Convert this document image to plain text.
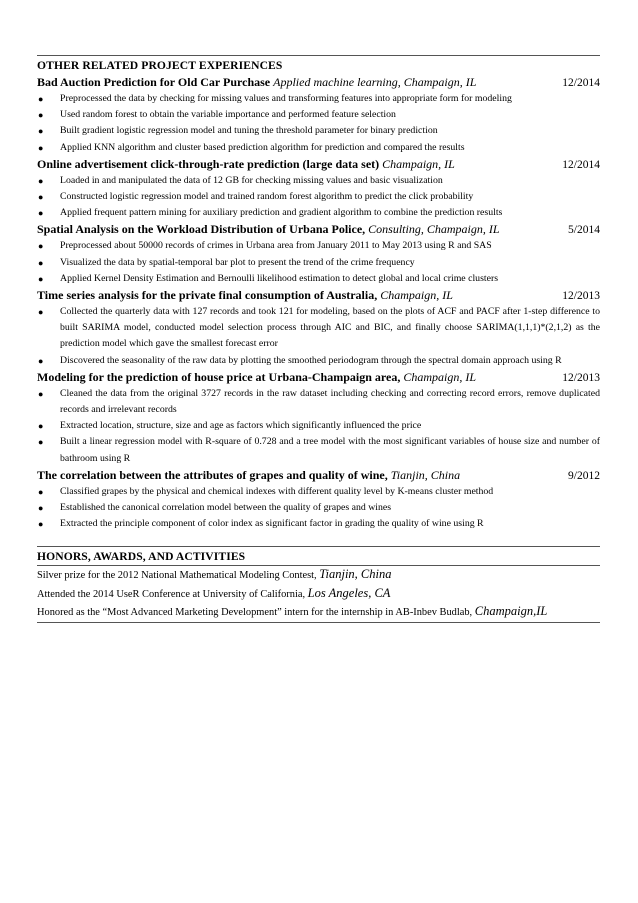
OTHER RELATED PROJECT EXPERIENCES
Bad Auction Prediction for Old Car Purchase Applied machine learning, Champaign, IL	12/2014
● Preprocessed the data by checking for missing values and transforming features into appropriate form for modeling
● Used random forest to obtain the variable importance and performed feature selection
● Built gradient logistic regression model and tuning the threshold parameter for binary prediction
● Applied KNN algorithm and cluster based prediction algorithm for prediction and compared the results
Online advertisement click-through-rate prediction (large data set) Champaign, IL	12/2014
● Loaded in and manipulated the data of 12 GB for checking missing values and basic visualization
● Constructed logistic regression model and trained random forest algorithm to predict the click probability
● Applied frequent pattern mining for auxiliary prediction and gradient algorithm to combine the prediction results
Spatial Analysis on the Workload Distribution of Urbana Police, Consulting, Champaign, IL	5/2014
● Preprocessed about 50000 records of crimes in Urbana area from January 2011 to May 2013 using R and SAS
● Visualized the data by spatial-temporal bar plot to present the trend of the crime frequency
● Applied Kernel Density Estimation and Bernoulli likelihood estimation to detect global and local crime clusters
Time series analysis for the private final consumption of Australia, Champaign, IL	12/2013
● Collected the quarterly data with 127 records and took 121 for modeling, based on the plots of ACF and PACF after 1-step difference to built SARIMA model, conducted model selection process through AIC and BIC, and finally choose SARIMA(1,1,1)*(2,1,2) as the prediction model which gave the smallest forecast error
● Discovered the seasonality of the raw data by plotting the smoothed periodogram through the spectral domain approach using R
Modeling for the prediction of house price at Urbana-Champaign area, Champaign, IL	12/2013
● Cleaned the data from the original 3727 records in the raw dataset including checking and correcting record errors, remove duplicated records and irrelevant records
● Extracted location, structure, size and age as factors which significantly influenced the price
● Built a linear regression model with R-square of 0.728 and a tree model with the most significant variables of house size and number of bathroom using R
The correlation between the attributes of grapes and quality of wine, Tianjin, China	9/2012
● Classified grapes by the physical and chemical indexes with different quality level by K-means cluster method
● Established the canonical correlation model between the quality of grapes and wines
● Extracted the principle component of color index as significant factor in grading the quality of wine using R
HONORS, AWARDS, AND ACTIVITIES
Silver prize for the 2012 National Mathematical Modeling Contest, Tianjin, China
Attended the 2014 UseR Conference at University of California, Los Angeles, CA
Honored as the “Most Advanced Marketing Development” intern for the internship in AB-Inbev Budlab, Champaign,IL
